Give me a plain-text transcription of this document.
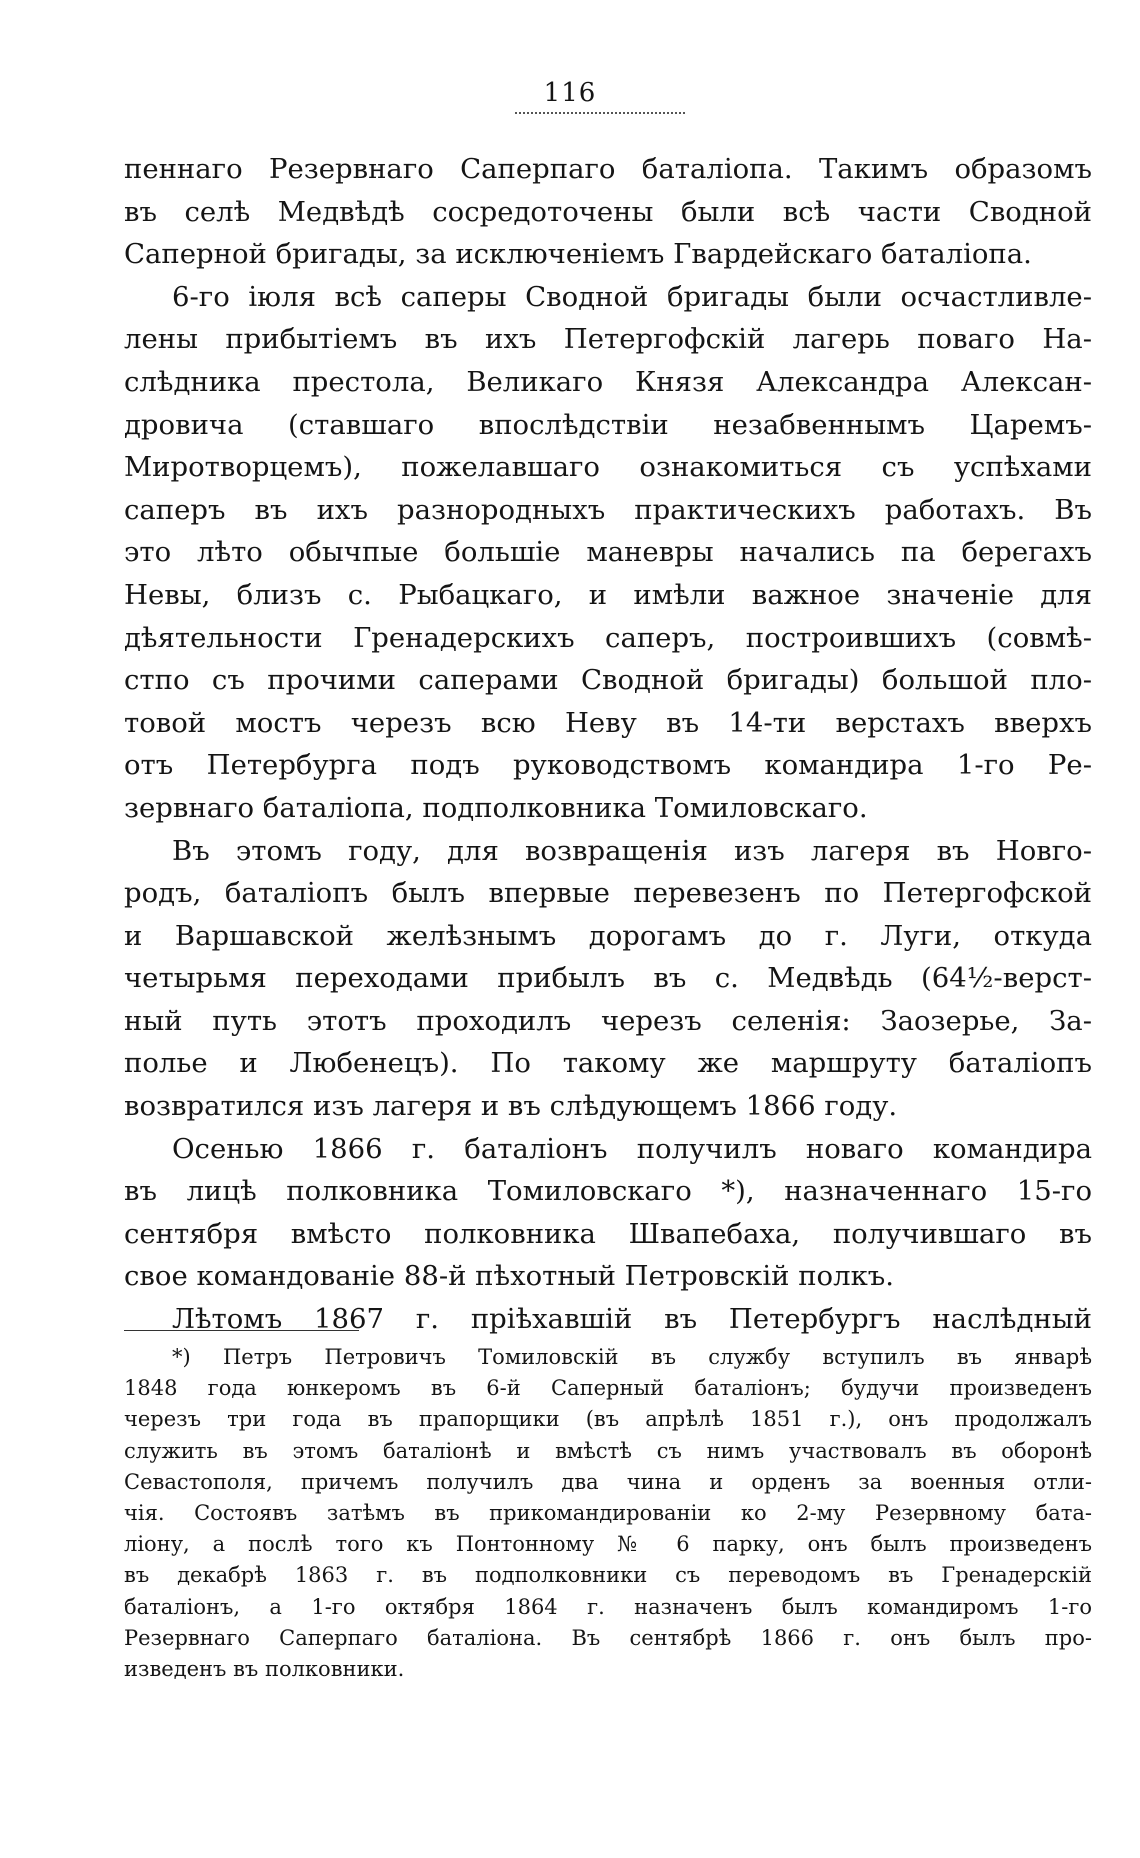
116
пеннаго Резервнаго Саперпаго баталіопа. Такимъ образомъ
въ селѣ Медвѣдѣ сосредоточены были всѣ части Сводной
Саперной бригады, за исключеніемъ Гвардейскаго баталіопа.
6-го іюля всѣ саперы Сводной бригады были осчастливле-
лены прибытіемъ въ ихъ Петергофскій лагерь поваго На-
слѣдника престола, Великаго Князя Александра Алексан-
дровича (ставшаго впослѣдствіи незабвеннымъ Царемъ-
Миротворцемъ), пожелавшаго ознакомиться съ успѣхами
саперъ въ ихъ разнородныхъ практическихъ работахъ. Въ
это лѣто обычпые большіе маневры начались па берегахъ
Невы, близъ с. Рыбацкаго, и имѣли важное значеніе для
дѣятельности Гренадерскихъ саперъ, построившихъ (совмѣ-
стпо съ прочими саперами Сводной бригады) большой пло-
товой мостъ черезъ всю Неву въ 14-ти верстахъ вверхъ
отъ Петербурга подъ руководствомъ командира 1-го Ре-
зервнаго баталіопа, подполковника Томиловскаго.
Въ этомъ году, для возвращенія изъ лагеря въ Новго-
родъ, баталіопъ былъ впервые перевезенъ по Петергофской
и Варшавской желѣзнымъ дорогамъ до г. Луги, откуда
четырьмя переходами прибылъ въ с. Медвѣдь (64½-верст-
ный путь этотъ проходилъ черезъ селенія: Заозерье, За-
полье и Любенецъ). По такому же маршруту баталіопъ
возвратился изъ лагеря и въ слѣдующемъ 1866 году.
Осенью 1866 г. баталіонъ получилъ новаго командира
въ лицѣ полковника Томиловскаго *), назначеннаго 15-го
сентября вмѣсто полковника Швапебаха, получившаго въ
свое командованіе 88-й пѣхотный Петровскій полкъ.
Лѣтомъ 1867 г. пріѣхавшій въ Петербургъ наслѣдный
*) Петръ Петровичъ Томиловскій въ службу вступилъ въ январѣ
1848 года юнкеромъ въ 6-й Саперный баталіонъ; будучи произведенъ
черезъ три года въ прапорщики (въ апрѣлѣ 1851 г.), онъ продолжалъ
служить въ этомъ баталіонѣ и вмѣстѣ съ нимъ участвовалъ въ оборонѣ
Севастополя, причемъ получилъ два чина и орденъ за военныя отли-
чія. Состоявъ затѣмъ въ прикомандированіи ко 2-му Резервному бата-
ліону, а послѣ того къ Понтонному № 6 парку, онъ былъ произведенъ
въ декабрѣ 1863 г. въ подполковники съ переводомъ въ Гренадерскій
баталіонъ, а 1-го октября 1864 г. назначенъ былъ командиромъ 1-го
Резервнаго Саперпаго баталіона. Въ сентябрѣ 1866 г. онъ былъ про-
изведенъ въ полковники.
